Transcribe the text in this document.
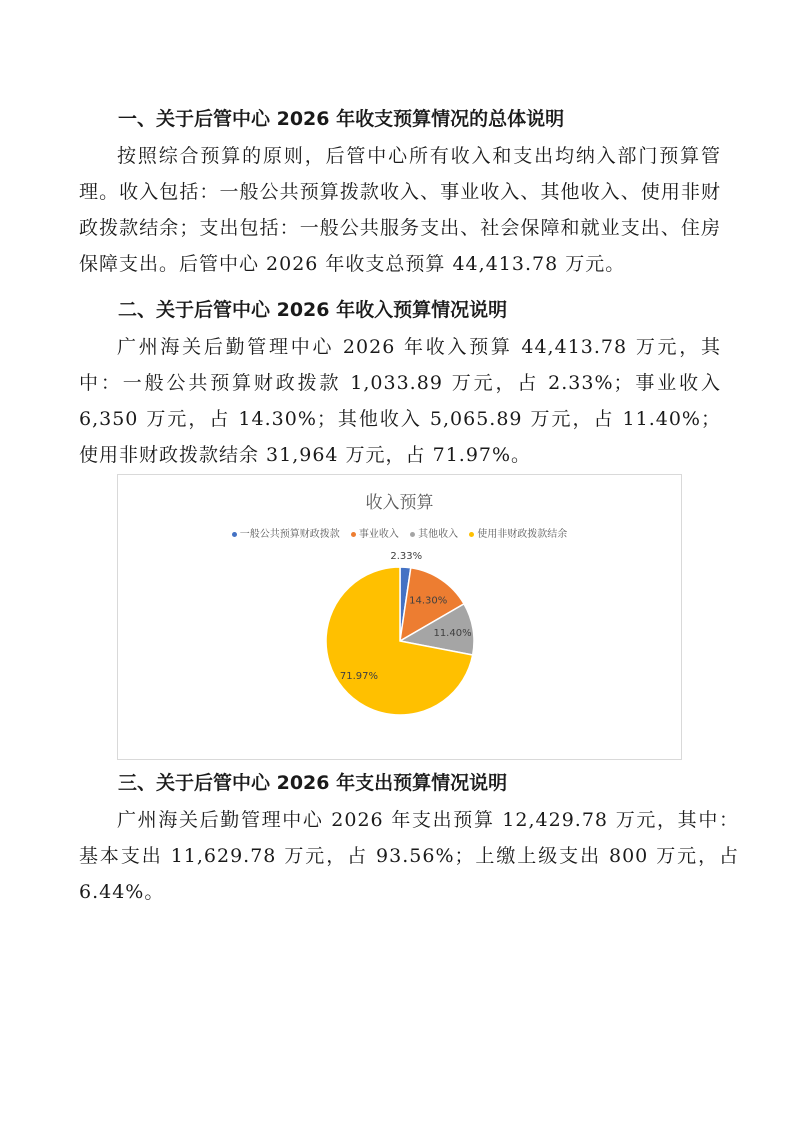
一、关于后管中心 2026 年收支预算情况的总体说明

按照综合预算的原则，后管中心所有收入和支出均纳入部门预算管理。收入包括：一般公共预算拨款收入、事业收入、其他收入、使用非财政拨款结余；支出包括：一般公共服务支出、社会保障和就业支出、住房保障支出。后管中心 2026 年收支总预算 44,413.78 万元。

二、关于后管中心 2026 年收入预算情况说明

广州海关后勤管理中心 2026 年收入预算 44,413.78 万元，其中：一般公共预算财政拨款 1,033.89 万元，占 2.33%；事业收入 6,350 万元，占 14.30%；其他收入 5,065.89 万元，占 11.40%；使用非财政拨款结余 31,964 万元，占 71.97%。

收入预算
一般公共预算财政拨款 事业收入 其他收入 使用非财政拨款结余
2.33%
14.30%
11.40%
71.97%
三、关于后管中心 2026 年支出预算情况说明

广州海关后勤管理中心 2026 年支出预算 12,429.78 万元，其中：基本支出 11,629.78 万元，占 93.56%；上缴上级支出 800 万元，占 6.44%。
